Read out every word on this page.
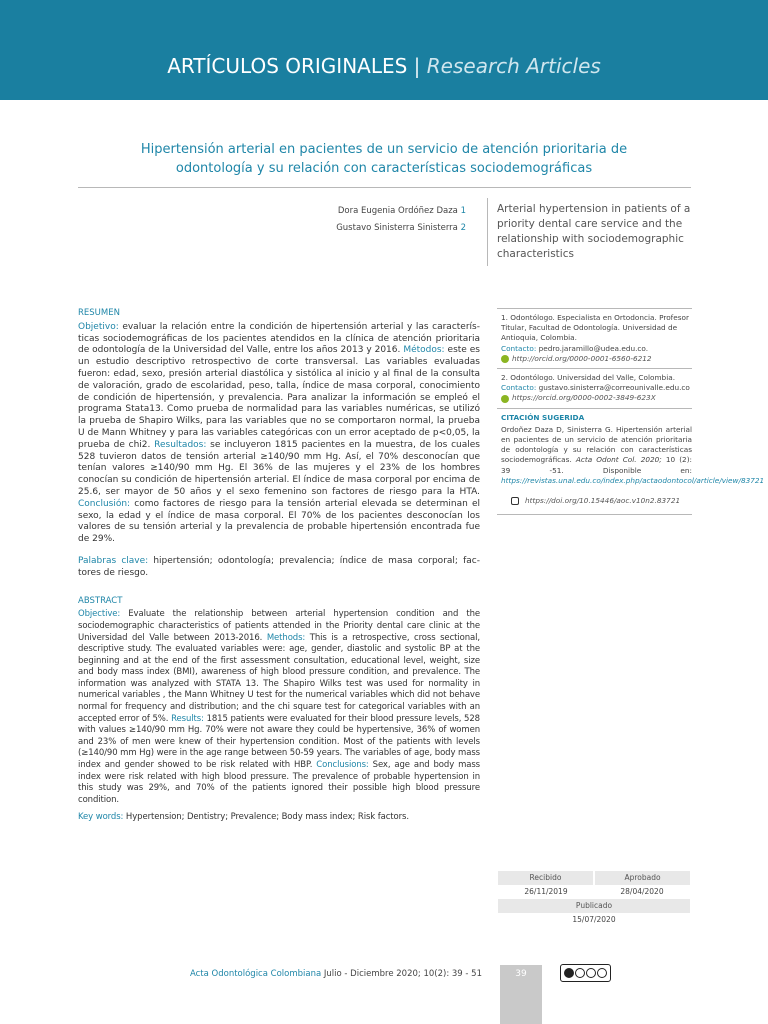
ARTÍCULOS ORIGINALES | Research Articles
Hipertensión arterial en pacientes de un servicio de atención prioritaria de odontología y su relación con características sociodemográficas
Dora Eugenia Ordóñez Daza 1
Gustavo Sinisterra Sinisterra 2
Arterial hypertension in patients of a priority dental care service and the relationship with sociodemographic characteristics
RESUMEN

Objetivo: evaluar la relación entre la condición de hipertensión arterial y las caracterís-ticas sociodemográficas de los pacientes atendidos en la clínica de atención prioritaria de odontología de la Universidad del Valle, entre los años 2013 y 2016. Métodos: este es un estudio descriptivo retrospectivo de corte transversal. Las variables evaluadas fueron: edad, sexo, presión arterial diastólica y sistólica al inicio y al final de la consulta de valoración, grado de escolaridad, peso, talla, índice de masa corporal, conocimiento de condición de hipertensión, y prevalencia. Para analizar la información se empleó el programa Stata13. Como prueba de normalidad para las variables numéricas, se utilizó la prueba de Shapiro Wilks, para las variables que no se comportaron normal, la prueba U de Mann Whitney y para las variables categóricas con un error aceptado de p<0,05, la prueba de chi2. Resultados: se incluyeron 1815 pacientes en la muestra, de los cuales 528 tuvieron datos de tensión arterial ≥140/90 mm Hg. Así, el 70% desconocían que tenían valores ≥140/90 mm Hg. El 36% de las mujeres y el 23% de los hombres conocían su condición de hipertensión arterial. El índice de masa corporal por encima de 25.6, ser mayor de 50 años y el sexo femenino son factores de riesgo para la HTA. Conclusión: como factores de riesgo para la tensión arterial elevada se determinan el sexo, la edad y el índice de masa corporal. El 70% de los pacientes desconocían los valores de su tensión arterial y la prevalencia de probable hipertensión encontrada fue de 29%.

Palabras clave: hipertensión; odontología; prevalencia; índice de masa corporal; fac-tores de riesgo.

ABSTRACT

Objective: Evaluate the relationship between arterial hypertension condition and the sociodemographic characteristics of patients attended in the Priority dental care clinic at the Universidad del Valle between 2013-2016. Methods: This is a retrospective, cross sectional, descriptive study. The evaluated variables were: age, gender, diastolic and systolic BP at the beginning and at the end of the first assessment consultation, educational level, weight, size and body mass index (BMI), awareness of high blood pressure condition, and prevalence. The information was analyzed with STATA 13. The Shapiro Wilks test was used for normality in numerical variables , the Mann Whitney U test for the numerical variables which did not behave normal for frequency and distribution; and the chi square test for categorical variables with an accepted error of 5%. Results: 1815 patients were evaluated for their blood pressure levels, 528 with values ≥140/90 mm Hg. 70% were not aware they could be hypertensive, 36% of women and 23% of men were knew of their hypertension condition. Most of the patients with levels (≥140/90 mm Hg) were in the age range between 50-59 years. The variables of age, body mass index and gender showed to be risk related with HBP. Conclusions: Sex, age and body mass index were risk related with high blood pressure. The prevalence of probable hypertension in this study was 29%, and 70% of the patients ignored their possible high blood pressure condition.

Key words: Hypertension; Dentistry; Prevalence; Body mass index; Risk factors.

1. Odontólogo. Especialista en Ortodoncia. Profesor Titular, Facultad de Odontología. Universidad de Antioquia, Colombia.
Contacto: pedro.jaramillo@udea.edu.co.
http://orcid.org/0000-0001-6560-6212
2. Odontólogo. Universidad del Valle, Colombia.
Contacto: gustavo.sinisterra@correounivalle.edu.co
https://orcid.org/0000-0002-3849-623X
CITACIÓN SUGERIDA
Ordoñez Daza D, Sinisterra G. Hipertensión arterial en pacientes de un servicio de atención prioritaria de odontología y su relación con características sociodemográficas. Acta Odont Col. 2020; 10 (2): 39 -51. Disponible en: https://revistas.unal.edu.co/index.php/actaodontocol/article/view/83721
https://doi.org/10.15446/aoc.v10n2.83721
Recibido	Aprobado
26/11/2019	28/04/2020
Publicado
15/07/2020
Acta Odontológica Colombiana Julio - Diciembre 2020; 10(2): 39 - 51	39
